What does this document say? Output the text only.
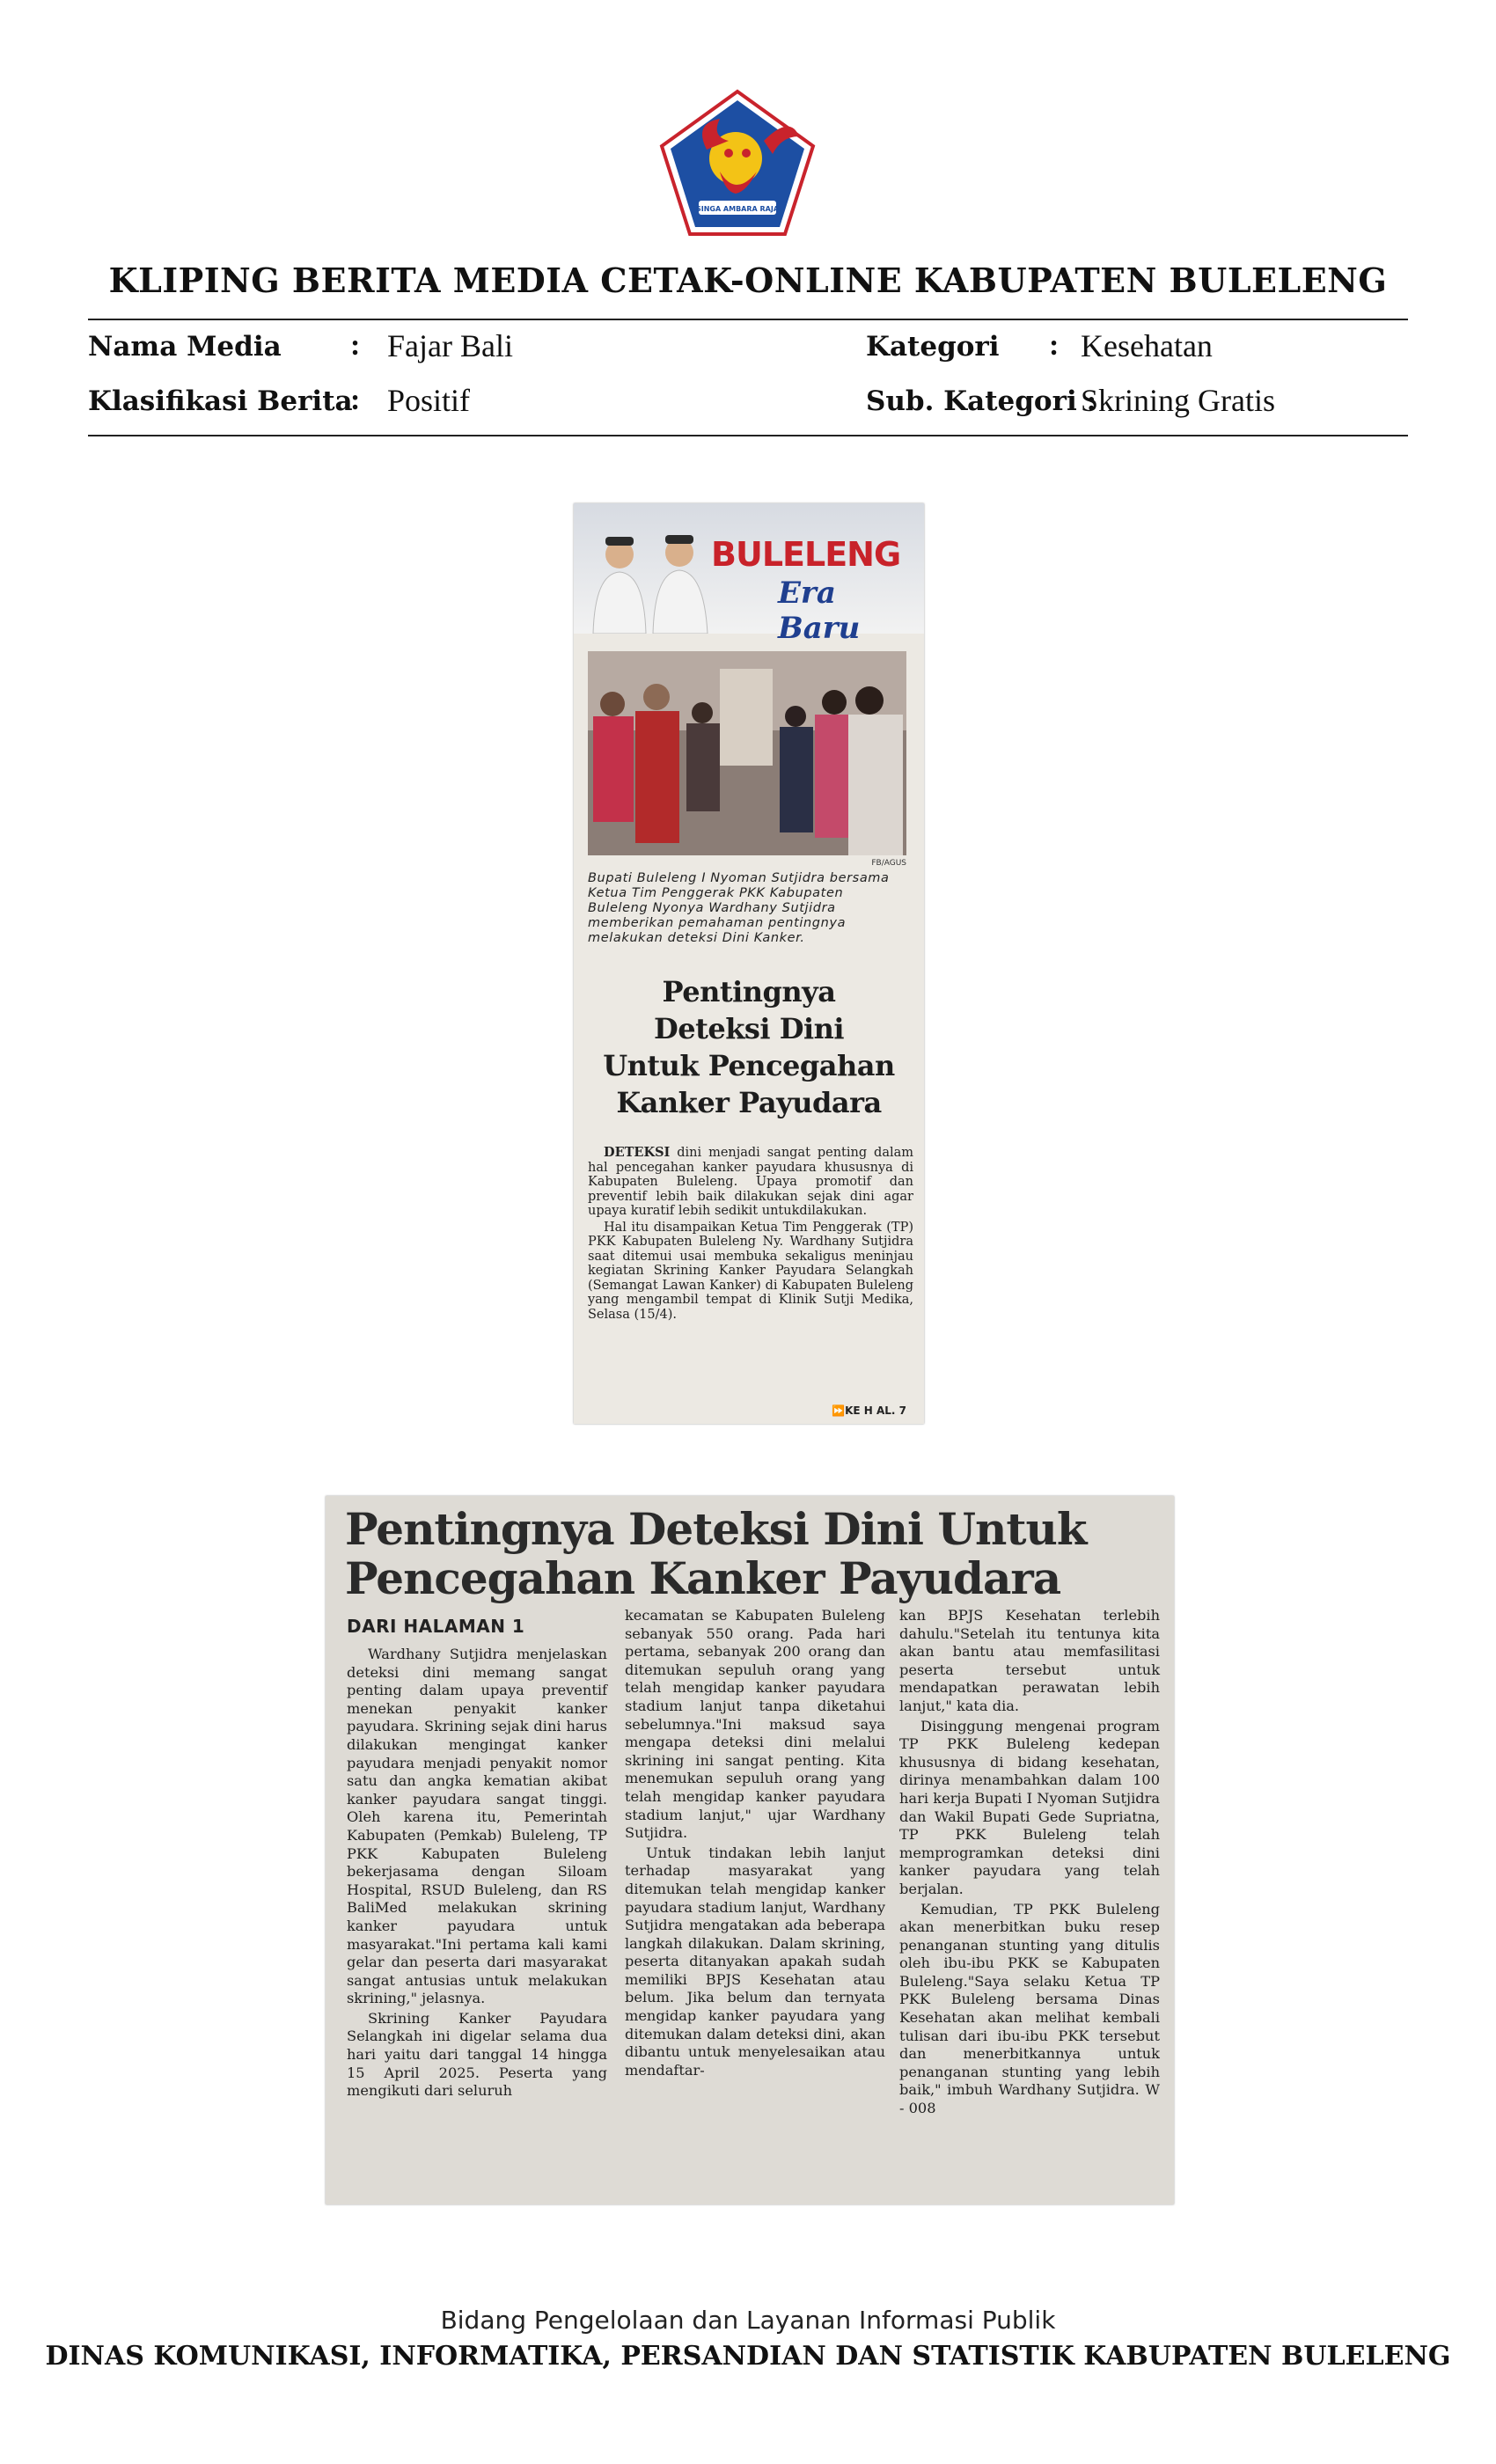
SINGA AMBARA RAJA
KLIPING BERITA MEDIA CETAK-ONLINE KABUPATEN BULELENG
Nama Media : Fajar Bali
Klasifikasi Berita
: Positif
Kategori : Kesehatan
Sub. Kategori :
Skrining Gratis
BULELENG
Era Baru
FB/AGUS
Bupati Buleleng I Nyoman Sutjidra bersama Ketua Tim Penggerak PKK Kabupaten Buleleng Nyonya Wardhany Sutjidra memberikan pemahaman pentingnya melakukan deteksi Dini Kanker.
Pentingnya
Deteksi Dini
Untuk Pencegahan
Kanker Payudara

DETEKSI dini menjadi sangat penting dalam hal pencegahan kanker payudara khususnya di Kabupaten Buleleng. Upaya promotif dan preventif lebih baik dilakukan sejak dini agar upaya kuratif lebih sedikit untukdilakukan.

Hal itu disampaikan Ketua Tim Penggerak (TP) PKK Kabupaten Buleleng Ny. Wardhany Sutjidra saat ditemui usai membuka sekaligus meninjau kegiatan Skrining Kanker Payudara Selangkah (Semangat Lawan Kanker) di Kabupaten Buleleng yang mengambil tempat di Klinik Sutji Medika, Selasa (15/4).

⏩KE H AL. 7
Pentingnya Deteksi Dini Untuk
Pencegahan Kanker Payudara
DARI HALAMAN 1

Wardhany Sutjidra menjelaskan deteksi dini memang sangat penting dalam upaya preventif menekan penyakit kanker payudara. Skrining sejak dini harus dilakukan mengingat kanker payudara menjadi penyakit nomor satu dan angka kematian akibat kanker payudara sangat tinggi. Oleh karena itu, Pemerintah Kabupaten (Pemkab) Buleleng, TP PKK Kabupaten Buleleng bekerjasama dengan Siloam Hospital, RSUD Buleleng, dan RS BaliMed melakukan skrining kanker payudara untuk masyarakat."Ini pertama kali kami gelar dan peserta dari masyarakat sangat antusias untuk melakukan skrining," jelasnya.

Skrining Kanker Payudara Selangkah ini digelar selama dua hari yaitu dari tanggal 14 hingga 15 April 2025. Peserta yang mengikuti dari seluruh

kecamatan se Kabupaten Buleleng sebanyak 550 orang. Pada hari pertama, sebanyak 200 orang dan ditemukan sepuluh orang yang telah mengidap kanker payudara stadium lanjut tanpa diketahui sebelumnya."Ini maksud saya mengapa deteksi dini melalui skrining ini sangat penting. Kita menemukan sepuluh orang yang telah mengidap kanker payudara stadium lanjut," ujar Wardhany Sutjidra.

Untuk tindakan lebih lanjut terhadap masyarakat yang ditemukan telah mengidap kanker payudara stadium lanjut, Wardhany Sutjidra mengatakan ada beberapa langkah dilakukan. Dalam skrining, peserta ditanyakan apakah sudah memiliki BPJS Kesehatan atau belum. Jika belum dan ternyata mengidap kanker payudara yang ditemukan dalam deteksi dini, akan dibantu untuk menyelesaikan atau mendaftar-

kan BPJS Kesehatan terlebih dahulu."Setelah itu tentunya kita akan bantu atau memfasilitasi peserta tersebut untuk mendapatkan perawatan lebih lanjut," kata dia.

Disinggung mengenai program TP PKK Buleleng kedepan khususnya di bidang kesehatan, dirinya menambahkan dalam 100 hari kerja Bupati I Nyoman Sutjidra dan Wakil Bupati Gede Supriatna, TP PKK Buleleng telah memprogramkan deteksi dini kanker payudara yang telah berjalan.

Kemudian, TP PKK Buleleng akan menerbitkan buku resep penanganan stunting yang ditulis oleh ibu-ibu PKK se Kabupaten Buleleng."Saya selaku Ketua TP PKK Buleleng bersama Dinas Kesehatan akan melihat kembali tulisan dari ibu-ibu PKK tersebut dan menerbitkannya untuk penanganan stunting yang lebih baik," imbuh Wardhany Sutjidra. W - 008

Bidang Pengelolaan dan Layanan Informasi Publik
DINAS KOMUNIKASI, INFORMATIKA, PERSANDIAN DAN STATISTIK KABUPATEN BULELENG
